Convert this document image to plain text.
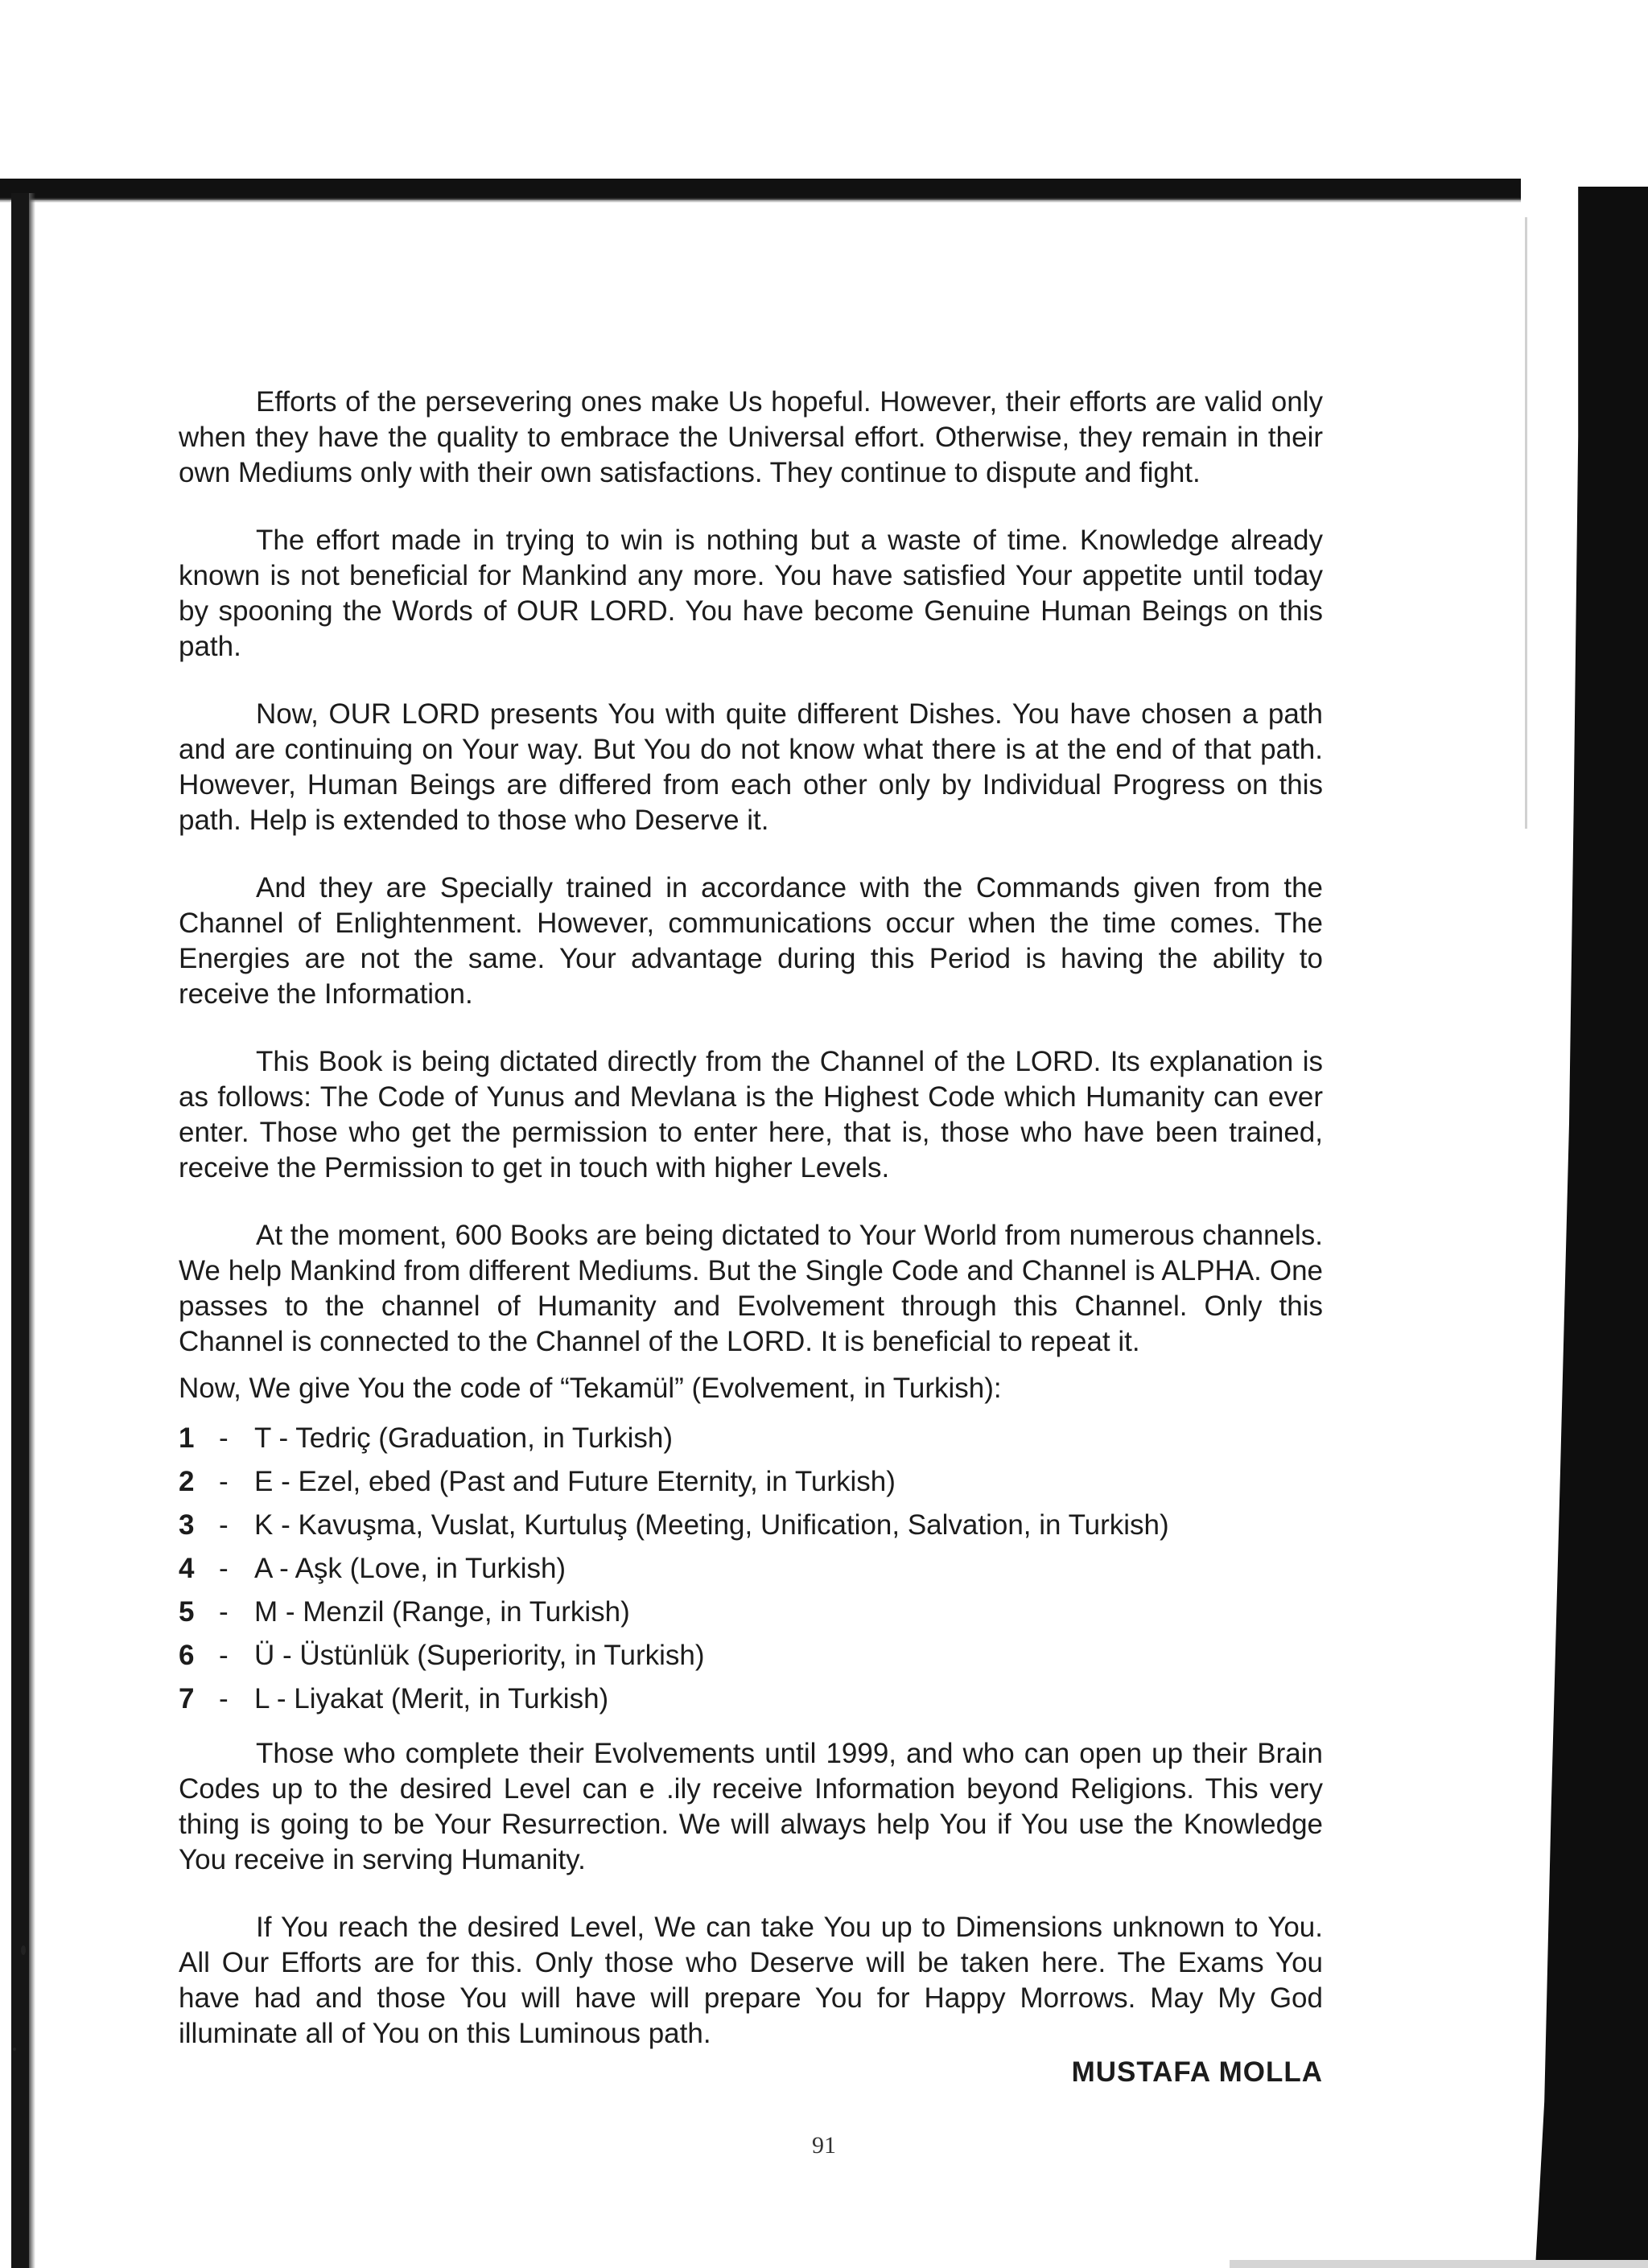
Efforts of the persevering ones make Us hopeful. However, their efforts are valid only when they have the quality to embrace the Universal effort. Otherwise, they remain in their own Mediums only with their own satisfactions. They continue to dispute and fight.

The effort made in trying to win is nothing but a waste of time. Knowledge already known is not beneficial for Mankind any more. You have satisfied Your appetite until today by spooning the Words of OUR LORD. You have become Genuine Human Beings on this path.

Now, OUR LORD presents You with quite different Dishes. You have chosen a path and are continuing on Your way. But You do not know what there is at the end of that path. However, Human Beings are differed from each other only by Individual Progress on this path. Help is extended to those who Deserve it.

And they are Specially trained in accordance with the Commands given from the Channel of Enlightenment. However, communications occur when the time comes. The Energies are not the same. Your advantage during this Period is having the ability to receive the Information.

This Book is being dictated directly from the Channel of the LORD. Its explanation is as follows: The Code of Yunus and Mevlana is the Highest Code which Humanity can ever enter. Those who get the permission to enter here, that is, those who have been trained, receive the Permission to get in touch with higher Levels.

At the moment, 600 Books are being dictated to Your World from numerous channels. We help Mankind from different Mediums. But the Single Code and Channel is ALPHA. One passes to the channel of Humanity and Evolvement through this Channel. Only this Channel is connected to the Channel of the LORD. It is beneficial to repeat it.

Now, We give You the code of “Tekamül” (Evolvement, in Turkish):

1 - T - Tedriç (Graduation, in Turkish)
2 - E - Ezel, ebed (Past and Future Eternity, in Turkish)
3 - K - Kavuşma, Vuslat, Kurtuluş (Meeting, Unification, Salvation, in Turkish)
4 - A - Aşk (Love, in Turkish)
5 - M - Menzil (Range, in Turkish)
6 - Ü - Üstünlük (Superiority, in Turkish)
7 - L - Liyakat (Merit, in Turkish)

Those who complete their Evolvements until 1999, and who can open up their Brain Codes up to the desired Level can e .ily receive Information beyond Religions. This very thing is going to be Your Resurrection. We will always help You if You use the Knowledge You receive in serving Humanity.

If You reach the desired Level, We can take You up to Dimensions unknown to You. All Our Efforts are for this. Only those who Deserve will be taken here. The Exams You have had and those You will have will prepare You for Happy Morrows. May My God illuminate all of You on this Luminous path.

MUSTAFA MOLLA
91
